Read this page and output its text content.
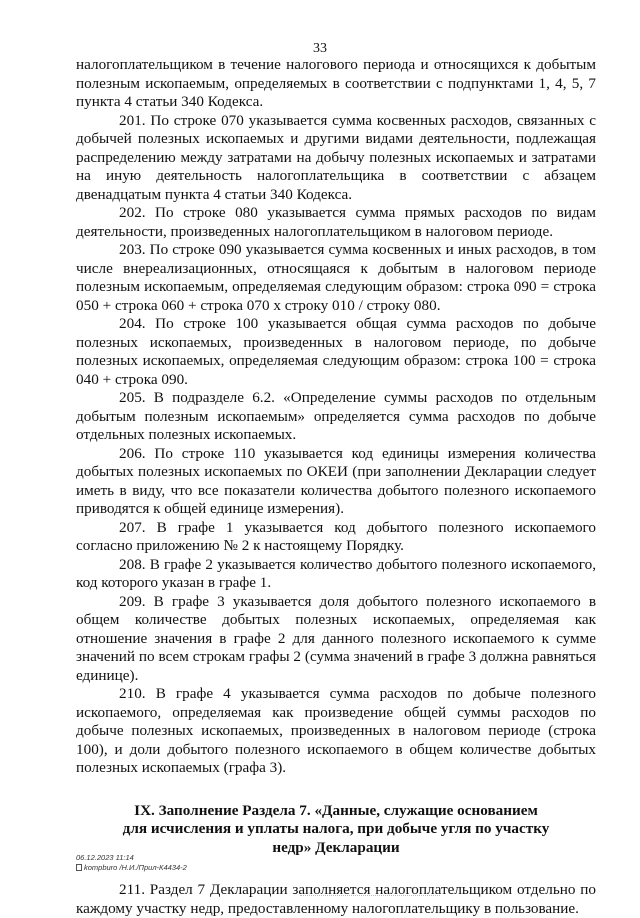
33

налогоплательщиком в течение налогового периода и относящихся к добытым полезным ископаемым, определяемых в соответствии с подпунктами 1, 4, 5, 7 пункта 4 статьи 340 Кодекса.

201. По строке 070 указывается сумма косвенных расходов, связанных с добычей полезных ископаемых и другими видами деятельности, подлежащая распределению между затратами на добычу полезных ископаемых и затратами на иную деятельность налогоплательщика в соответствии с абзацем двенадцатым пункта 4 статьи 340 Кодекса.

202. По строке 080 указывается сумма прямых расходов по видам деятельности, произведенных налогоплательщиком в налоговом периоде.

203. По строке 090 указывается сумма косвенных и иных расходов, в том числе внереализационных, относящаяся к добытым в налоговом периоде полезным ископаемым, определяемая следующим образом: строка 090 = строка 050 + строка 060 + строка 070 х строку 010 / строку 080.

204. По строке 100 указывается общая сумма расходов по добыче полезных ископаемых, произведенных в налоговом периоде, по добыче полезных ископаемых, определяемая следующим образом: строка 100 = строка 040 + строка 090.

205. В подразделе 6.2. «Определение суммы расходов по отдельным добытым полезным ископаемым» определяется сумма расходов по добыче отдельных полезных ископаемых.

206. По строке 110 указывается код единицы измерения количества добытых полезных ископаемых по ОКЕИ (при заполнении Декларации следует иметь в виду, что все показатели количества добытого полезного ископаемого приводятся к общей единице измерения).

207. В графе 1 указывается код добытого полезного ископаемого согласно приложению № 2 к настоящему Порядку.

208. В графе 2 указывается количество добытого полезного ископаемого, код которого указан в графе 1.

209. В графе 3 указывается доля добытого полезного ископаемого в общем количестве добытых полезных ископаемых, определяемая как отношение значения в графе 2 для данного полезного ископаемого к сумме значений по всем строкам графы 2 (сумма значений в графе 3 должна равняться единице).

210. В графе 4 указывается сумма расходов по добыче полезного ископаемого, определяемая как произведение общей суммы расходов по добыче полезных ископаемых, произведенных в налоговом периоде (строка 100), и доли добытого полезного ископаемого в общем количестве добытых полезных ископаемых (графа 3).

IX. Заполнение Раздела 7. «Данные, служащие основанием
для исчисления и уплаты налога, при добыче угля по участку
недр» Декларации

211. Раздел 7 Декларации заполняется налогоплательщиком отдельно по каждому участку недр, предоставленному налогоплательщику в пользование.

06.12.2023 11:14
kompburo /Н.И./Прил-К4434-2
